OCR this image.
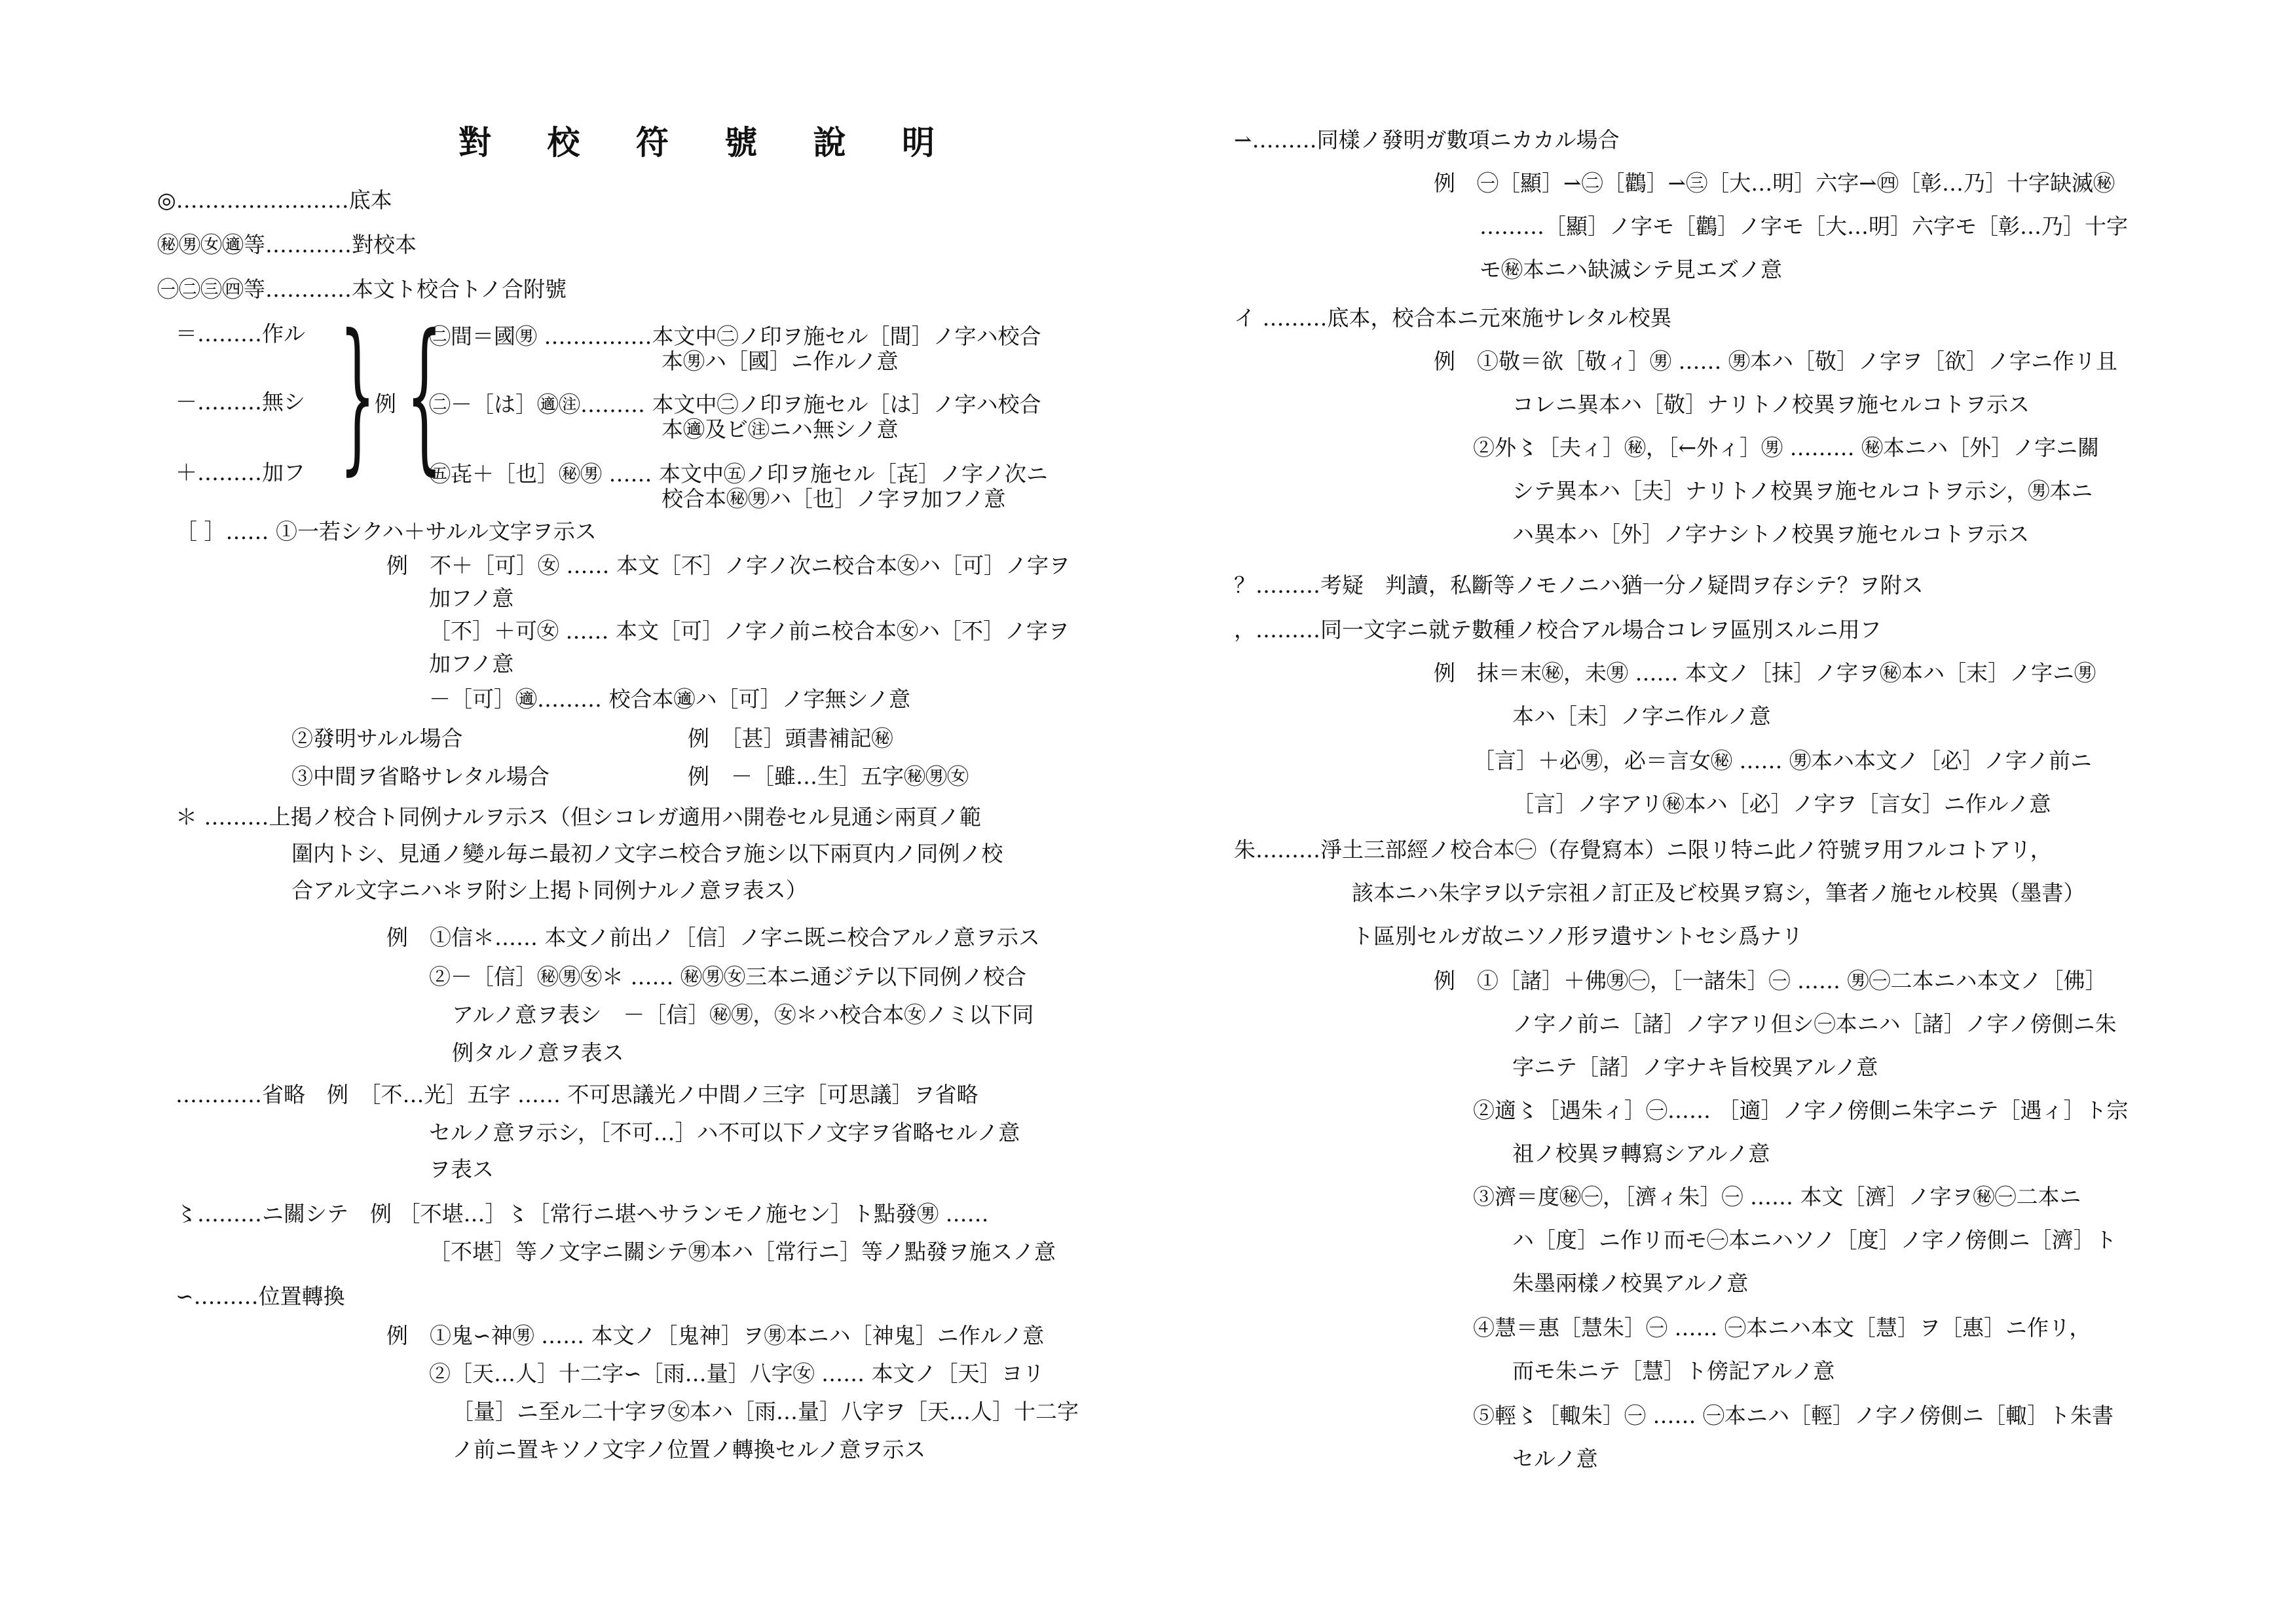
對 校 符 號 說 明
◎……………………底本
㊙㊚㊛㊜等…………對校本
㊀㊁㊂㊃等…………本文ト校合トノ合附號
＝………作ル
－………無シ
＋………加フ }
例 {
㊁間＝國㊚ ……………本文中㊁ノ印ヲ施セル［間］ノ字ハ校合
本㊚ハ［國］ニ作ルノ意
㊁－［は］㊜㊟……… 本文中㊁ノ印ヲ施セル［は］ノ字ハ校合
本㊜及ビ㊟ニハ無シノ意
㊄㐂＋［也］㊙㊚ …… 本文中㊄ノ印ヲ施セル［㐂］ノ字ノ次ニ
校合本㊙㊚ハ［也］ノ字ヲ加フノ意
［ ］…… ①一若シクハ＋サルル文字ヲ示ス
例　不＋［可］㊛ …… 本文［不］ノ字ノ次ニ校合本㊛ハ［可］ノ字ヲ
加フノ意
［不］＋可㊛ …… 本文［可］ノ字ノ前ニ校合本㊛ハ［不］ノ字ヲ
加フノ意
－［可］㊜……… 校合本㊜ハ［可］ノ字無シノ意
②發明サルル場合	例　［甚］頭書補記㊙
③中間ヲ省略サレタル場合	例　－［雖…生］五字㊙㊚㊛
＊ ………上掲ノ校合ト同例ナルヲ示ス（但シコレガ適用ハ開卷セル見通シ兩頁ノ範
圍内トシ、見通ノ變ル毎ニ最初ノ文字ニ校合ヲ施シ以下兩頁内ノ同例ノ校
合アル文字ニハ＊ヲ附シ上掲ト同例ナルノ意ヲ表ス）
例　①信＊…… 本文ノ前出ノ［信］ノ字ニ既ニ校合アルノ意ヲ示ス
②－［信］㊙㊚㊛＊ …… ㊙㊚㊛三本ニ通ジテ以下同例ノ校合
アルノ意ヲ表シ　－［信］㊙㊚，㊛＊ハ校合本㊛ノミ以下同
例タルノ意ヲ表ス
…………省略　例　［不…光］五字 …… 不可思議光ノ中間ノ三字［可思議］ヲ省略
セルノ意ヲ示シ，［不可…］ハ不可以下ノ文字ヲ省略セルノ意
ヲ表ス
〻………ニ關シテ　例 ［不堪…］〻［常行ニ堪ヘサランモノ施セン］ト點發㊚ ……
［不堪］等ノ文字ニ關シテ㊚本ハ［常行ニ］等ノ點發ヲ施スノ意
∽………位置轉換
例　①鬼∽神㊚ …… 本文ノ［鬼神］ヲ㊚本ニハ［神鬼］ニ作ルノ意
②［天…人］十二字∽［雨…量］八字㊛ …… 本文ノ［天］ヨリ
［量］ニ至ル二十字ヲ㊛本ハ［雨…量］八字ヲ［天…人］十二字
ノ前ニ置キソノ文字ノ位置ノ轉換セルノ意ヲ示ス
⇀………同樣ノ發明ガ數項ニカカル場合
例　㊀［顯］⇀㊁［鸛］⇀㊂［大…明］六字⇀㊃［彰…乃］十字缺滅㊙
………［顯］ノ字モ［鸛］ノ字モ［大…明］六字モ［彰…乃］十字
モ㊙本ニハ缺滅シテ見エズノ意
イ ………底本，校合本ニ元來施サレタル校異
例　①敬＝欲［敬ィ］㊚ …… ㊚本ハ［敬］ノ字ヲ［欲］ノ字ニ作リ且
コレニ異本ハ［敬］ナリトノ校異ヲ施セルコトヲ示ス
②外〻［夫ィ］㊙，［←外ィ］㊚ ……… ㊙本ニハ［外］ノ字ニ關
シテ異本ハ［夫］ナリトノ校異ヲ施セルコトヲ示シ，㊚本ニ
ハ異本ハ［外］ノ字ナシトノ校異ヲ施セルコトヲ示ス
？………考疑　判讀，私斷等ノモノニハ猶一分ノ疑問ヲ存シテ？ヲ附ス
，………同一文字ニ就テ數種ノ校合アル場合コレヲ區別スルニ用フ
例　抹＝末㊙，未㊚ …… 本文ノ［抹］ノ字ヲ㊙本ハ［末］ノ字ニ㊚
本ハ［未］ノ字ニ作ルノ意
［言］＋必㊚，必＝言女㊙ …… ㊚本ハ本文ノ［必］ノ字ノ前ニ
［言］ノ字アリ㊙本ハ［必］ノ字ヲ［言女］ニ作ルノ意
朱………淨土三部經ノ校合本㊀（存覺寫本）ニ限リ特ニ此ノ符號ヲ用フルコトアリ，
該本ニハ朱字ヲ以テ宗祖ノ訂正及ビ校異ヲ寫シ，筆者ノ施セル校異（墨書）
ト區別セルガ故ニソノ形ヲ遺サントセシ爲ナリ
例　①［諸］＋佛㊚㊀，［一諸朱］㊀ …… ㊚㊀二本ニハ本文ノ［佛］
ノ字ノ前ニ［諸］ノ字アリ但シ㊀本ニハ［諸］ノ字ノ傍側ニ朱
字ニテ［諸］ノ字ナキ旨校異アルノ意
②適〻［遇朱ィ］㊀…… ［適］ノ字ノ傍側ニ朱字ニテ［遇ィ］ト宗
祖ノ校異ヲ轉寫シアルノ意
③濟＝度㊙㊀，［濟ィ朱］㊀ …… 本文［濟］ノ字ヲ㊙㊀二本ニ
ハ［度］ニ作リ而モ㊀本ニハソノ［度］ノ字ノ傍側ニ［濟］ト
朱墨兩樣ノ校異アルノ意
④慧＝惠［慧朱］㊀ …… ㊀本ニハ本文［慧］ヲ［惠］ニ作リ，
而モ朱ニテ［慧］ト傍記アルノ意
⑤輕〻［輙朱］㊀ …… ㊀本ニハ［輕］ノ字ノ傍側ニ［輙］ト朱書
セルノ意
